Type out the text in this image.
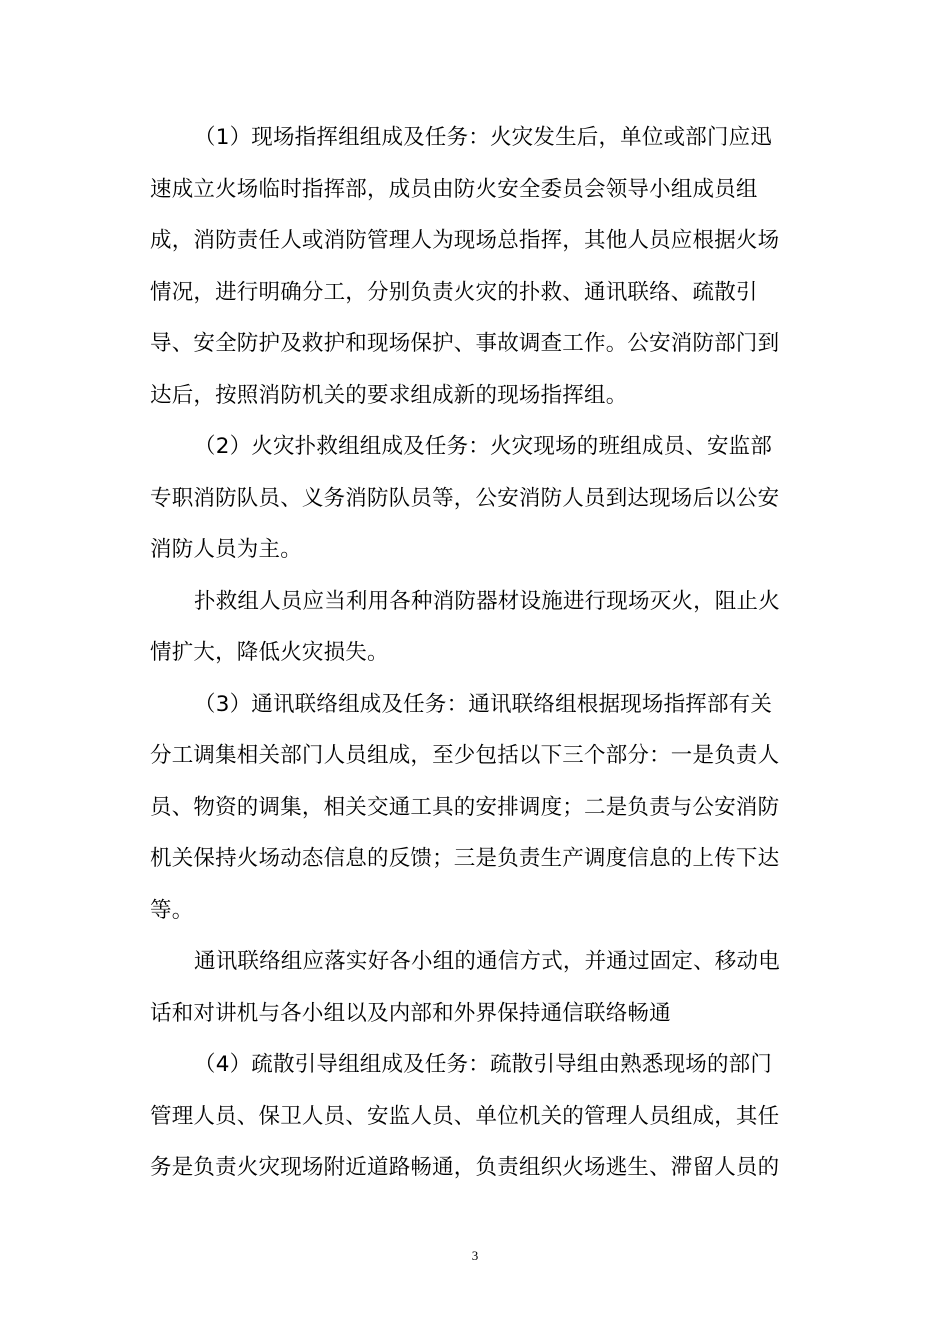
（1）现场指挥组组成及任务：火灾发生后，单位或部门应迅
速成立火场临时指挥部，成员由防火安全委员会领导小组成员组
成，消防责任人或消防管理人为现场总指挥，其他人员应根据火场
情况，进行明确分工，分别负责火灾的扑救、通讯联络、疏散引
导、安全防护及救护和现场保护、事故调查工作。公安消防部门到
达后，按照消防机关的要求组成新的现场指挥组。
（2）火灾扑救组组成及任务：火灾现场的班组成员、安监部
专职消防队员、义务消防队员等，公安消防人员到达现场后以公安
消防人员为主。
扑救组人员应当利用各种消防器材设施进行现场灭火，阻止火
情扩大，降低火灾损失。
（3）通讯联络组成及任务：通讯联络组根据现场指挥部有关
分工调集相关部门人员组成，至少包括以下三个部分：一是负责人
员、物资的调集，相关交通工具的安排调度；二是负责与公安消防
机关保持火场动态信息的反馈；三是负责生产调度信息的上传下达
等。
通讯联络组应落实好各小组的通信方式，并通过固定、移动电
话和对讲机与各小组以及内部和外界保持通信联络畅通
（4）疏散引导组组成及任务：疏散引导组由熟悉现场的部门
管理人员、保卫人员、安监人员、单位机关的管理人员组成，其任
务是负责火灾现场附近道路畅通，负责组织火场逃生、滞留人员的
3
